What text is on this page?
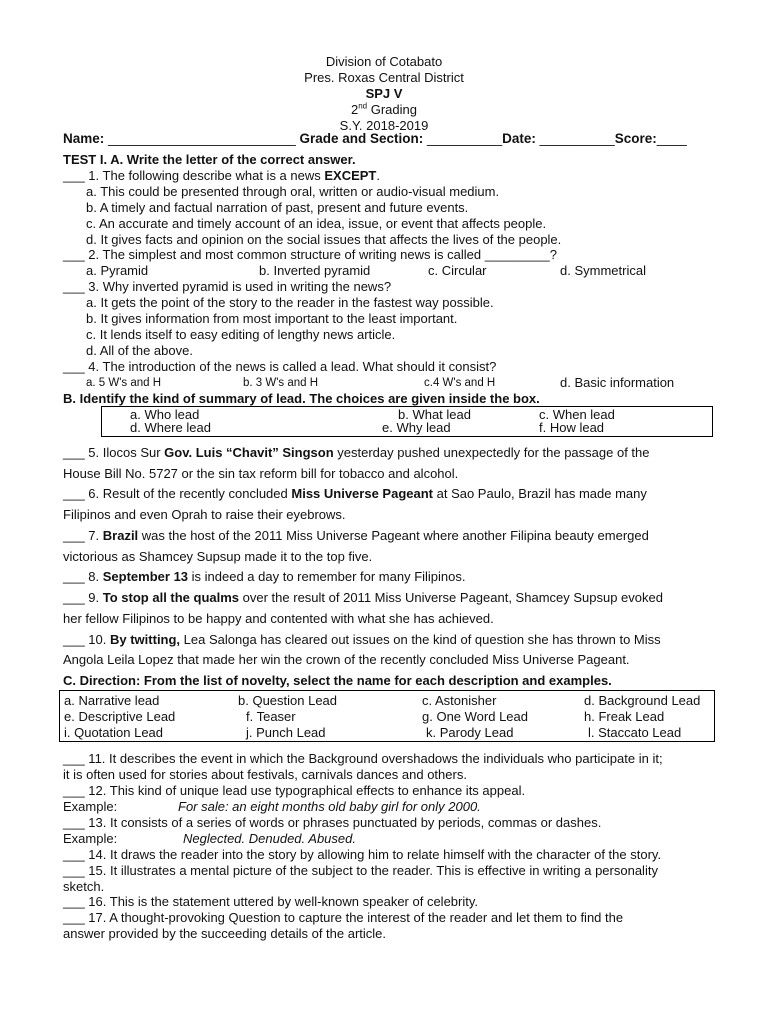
Division of Cotabato
Pres. Roxas Central District
SPJ V
2nd Grading
S.Y. 2018-2019
Name: _________________________ Grade and Section: __________Date: __________Score:____
TEST I. A. Write the letter of the correct answer.
___ 1. The following describe what is a news EXCEPT.
a. This could be presented through oral, written or audio-visual medium.
b. A timely and factual narration of past, present and future events.
c. An accurate and timely account of an idea, issue, or event that affects people.
d. It gives facts and opinion on the social issues that affects the lives of the people.
___ 2. The simplest and most common structure of writing news is called _________?
a. Pyramid	b. Inverted pyramid	c. Circular	d. Symmetrical
___ 3. Why inverted pyramid is used in writing the news?
a. It gets the point of the story to the reader in the fastest way possible.
b. It gives information from most important to the least important.
c. It lends itself to easy editing of lengthy news article.
d. All of the above.
___ 4. The introduction of the news is called a lead. What should it consist?
a. 5 W's and H	b. 3 W's and H	c.4 W's and H	d. Basic information
B. Identify the kind of summary of lead. The choices are given inside the box.
a. Who lead	b. What lead	c. When lead
d. Where lead	e. Why lead	f. How lead
___ 5. Ilocos Sur Gov. Luis “Chavit” Singson yesterday pushed unexpectedly for the passage of the
House Bill No. 5727 or the sin tax reform bill for tobacco and alcohol.
___ 6. Result of the recently concluded Miss Universe Pageant at Sao Paulo, Brazil has made many
Filipinos and even Oprah to raise their eyebrows.
___ 7. Brazil was the host of the 2011 Miss Universe Pageant where another Filipina beauty emerged
victorious as Shamcey Supsup made it to the top five.
___ 8. September 13 is indeed a day to remember for many Filipinos.
___ 9. To stop all the qualms over the result of 2011 Miss Universe Pageant, Shamcey Supsup evoked
her fellow Filipinos to be happy and contented with what she has achieved.
___ 10. By twitting, Lea Salonga has cleared out issues on the kind of question she has thrown to Miss
Angola Leila Lopez that made her win the crown of the recently concluded Miss Universe Pageant.
C. Direction: From the list of novelty, select the name for each description and examples.
a. Narrative lead	b. Question Lead	c. Astonisher	d. Background Lead
e. Descriptive Lead	f. Teaser	g. One Word Lead	h. Freak Lead
i. Quotation Lead	j. Punch Lead	k. Parody Lead	l. Staccato Lead
___ 11. It describes the event in which the Background overshadows the individuals who participate in it;
it is often used for stories about festivals, carnivals dances and others.
___ 12. This kind of unique lead use typographical effects to enhance its appeal.
Example:	For sale: an eight months old baby girl for only 2000.
___ 13. It consists of a series of words or phrases punctuated by periods, commas or dashes.
Example:	Neglected. Denuded. Abused.
___ 14. It draws the reader into the story by allowing him to relate himself with the character of the story.
___ 15. It illustrates a mental picture of the subject to the reader. This is effective in writing a personality
sketch.
___ 16. This is the statement uttered by well-known speaker of celebrity.
___ 17. A thought-provoking Question to capture the interest of the reader and let them to find the
answer provided by the succeeding details of the article.
